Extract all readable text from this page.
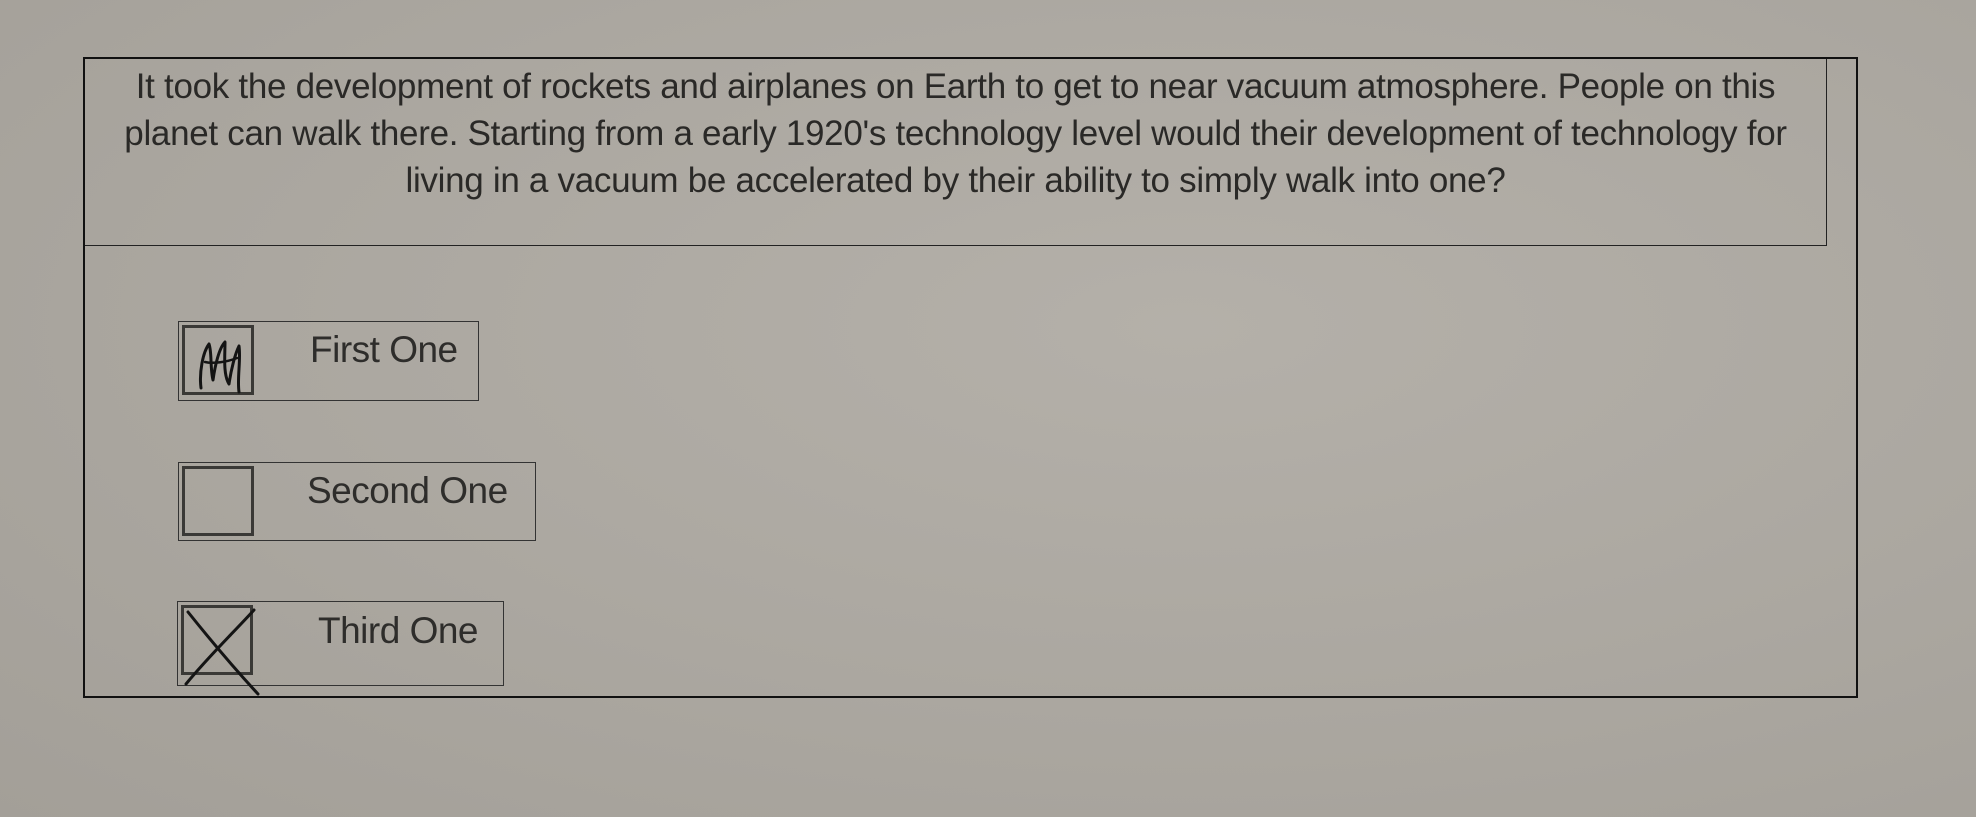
It took the development of rockets and airplanes on Earth to get to near vacuum atmosphere. People on this planet can walk there. Starting from a early 1920's technology level would their development of technology for living in a vacuum be accelerated by their ability to simply walk into one?

First One
Second One
Third One
